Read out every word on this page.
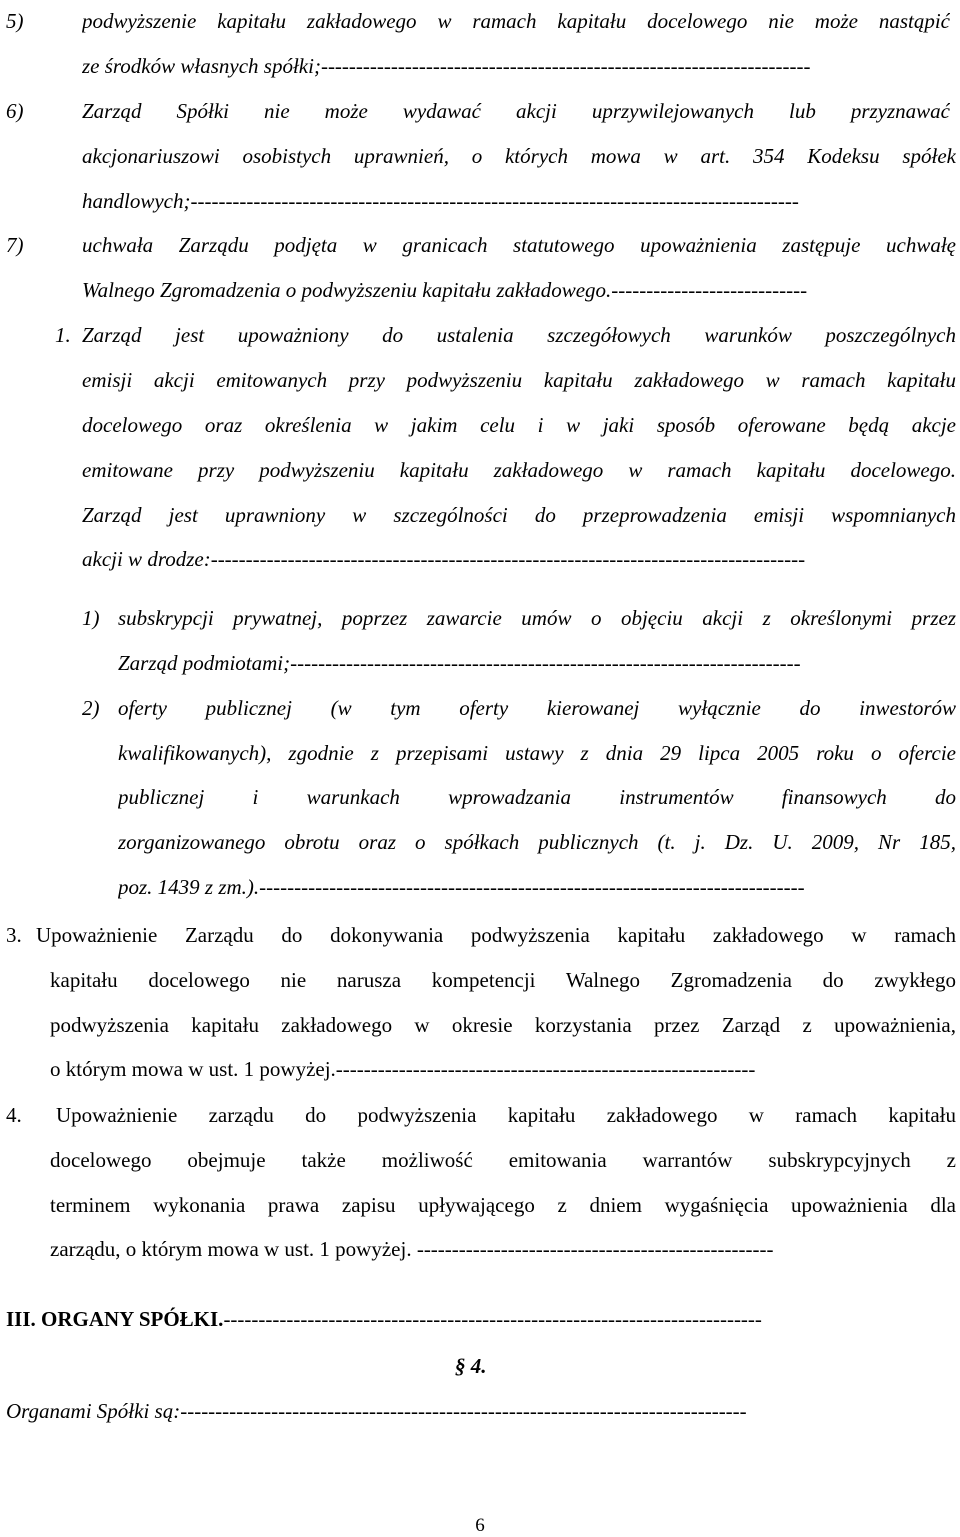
5)	podwyższenie kapitału zakładowego w ramach kapitału docelowego nie może nastąpić
ze środków własnych spółki;----------------------------------------------------------------------
6)	Zarząd Spółki nie może wydawać akcji uprzywilejowanych lub przyznawać
akcjonariuszowi osobistych uprawnień, o których mowa w art. 354 Kodeksu spółek
handlowych;---------------------------------------------------------------------------------------
7)	uchwała Zarządu podjęta w granicach statutowego upoważnienia zastępuje uchwałę
Walnego Zgromadzenia o podwyższeniu kapitału zakładowego.----------------------------
1. Zarząd jest upoważniony do ustalenia szczegółowych warunków poszczególnych
emisji akcji emitowanych przy podwyższeniu kapitału zakładowego w ramach kapitału
docelowego oraz określenia w jakim celu i w jaki sposób oferowane będą akcje
emitowane przy podwyższeniu kapitału zakładowego w ramach kapitału docelowego.
Zarząd jest uprawniony w szczególności do przeprowadzenia emisji wspomnianych
akcji w drodze:-------------------------------------------------------------------------------------
1) subskrypcji prywatnej, poprzez zawarcie umów o objęciu akcji z określonymi przez
Zarząd podmiotami;-------------------------------------------------------------------------
2) oferty publicznej (w tym oferty kierowanej wyłącznie do inwestorów
kwalifikowanych), zgodnie z przepisami ustawy z dnia 29 lipca 2005 roku o ofercie
publicznej i warunkach wprowadzania instrumentów finansowych do
zorganizowanego obrotu oraz o spółkach publicznych (t. j. Dz. U. 2009, Nr 185,
poz. 1439 z zm.).------------------------------------------------------------------------------
3. Upoważnienie Zarządu do dokonywania podwyższenia kapitału zakładowego w ramach
kapitału docelowego nie narusza kompetencji Walnego Zgromadzenia do zwykłego
podwyższenia kapitału zakładowego w okresie korzystania przez Zarząd z upoważnienia,
o którym mowa w ust. 1 powyżej.------------------------------------------------------------
4. Upoważnienie zarządu do podwyższenia kapitału zakładowego w ramach kapitału
docelowego obejmuje także możliwość emitowania warrantów subskrypcyjnych z
terminem wykonania prawa zapisu upływającego z dniem wygaśnięcia upoważnienia dla
zarządu, o którym mowa w ust. 1 powyżej. ---------------------------------------------------
III. ORGANY SPÓŁKI.-----------------------------------------------------------------------------
§ 4.
Organami Spółki są:---------------------------------------------------------------------------------
6
